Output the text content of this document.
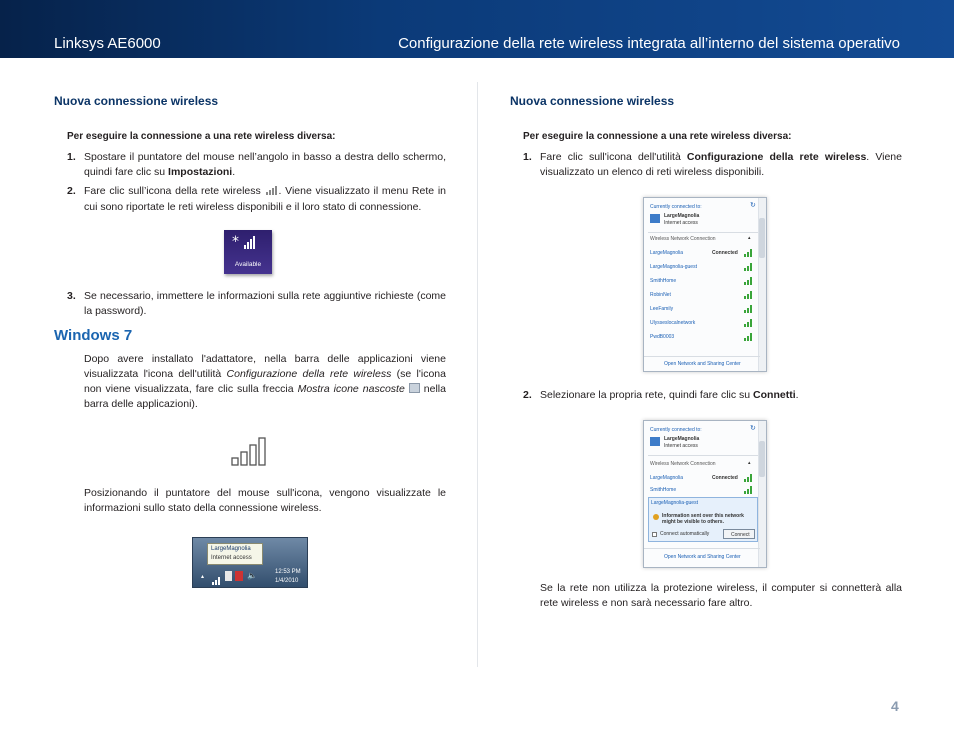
Linksys AE6000	Configurazione della rete wireless integrata all’interno del sistema operativo
Nuova connessione wireless
Per eseguire la connessione a una rete wireless diversa:
1. Spostare il puntatore del mouse nell’angolo in basso a destra dello schermo, quindi fare clic su Impostazioni.
2. Fare clic sull’icona della rete wireless . Viene visualizzato il menu Rete in cui sono riportate le reti wireless disponibili e il loro stato di connessione.
*
Available
3. Se necessario, immettere le informazioni sulla rete aggiuntive richieste (come la password).
Windows 7
Dopo avere installato l'adattatore, nella barra delle applicazioni viene visualizzata l'icona dell'utilità Configurazione della rete wireless (se l'icona non viene visualizzata, fare clic sulla freccia Mostra icone nascoste  nella barra delle applicazioni).
Posizionando il puntatore del mouse sull'icona, vengono visualizzate le informazioni sullo stato della connessione wireless.
LargeMagnolia
Internet access
▴	🔈	12:53 PM
1/4/2010
Nuova connessione wireless
Per eseguire la connessione a una rete wireless diversa:
1. Fare clic sull'icona dell'utilità Configurazione della rete wireless. Viene visualizzato un elenco di reti wireless disponibili.
Currently connected to:	↻
LargeMagnolia
Internet access
Wireless Network Connection	▴
LargeMagnolia	Connected
LargeMagnolia-guest
SmithHome
RobinNet
LeeFamily
Ulysseslocalnetwork
PwdB0003
Open Network and Sharing Center
2. Selezionare la propria rete, quindi fare clic su Connetti.
Currently connected to:	↻
LargeMagnolia
Internet access
Wireless Network Connection	▴
LargeMagnolia	Connected
SmithHome
LargeMagnolia-guest
Information sent over this network
might be visible to others.
Connect automatically	Connect
Open Network and Sharing Center
Se la rete non utilizza la protezione wireless, il computer si connetterà alla rete wireless e non sarà necessario fare altro.
4
